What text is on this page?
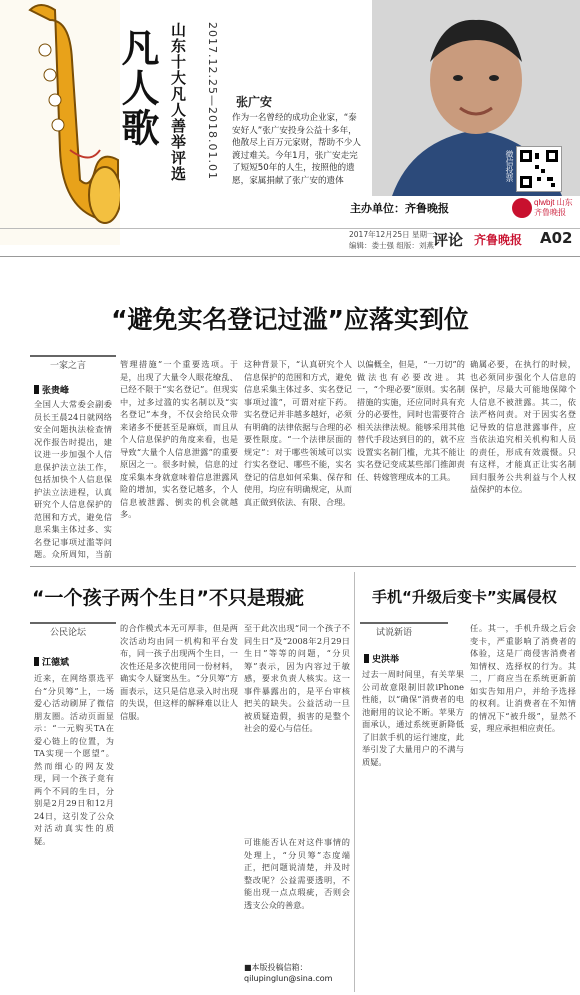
凡人歌 山东十大凡人善举评选 2017.12.25—2018.01.01 张广安
作为一名曾经的成功企业家，“泰安好人”张广安投身公益十多年，他散尽上百万元家财，帮助不少人渡过难关。今年1月，张广安走完了短短50年的人生，按照他的遗愿，家属捐献了张广安的遗体	微信投票
主办单位：齐鲁晚报	qlwbjt 山东齐鲁晚报
2017年12月25日 星期一
编辑：娄士强 组版：刘燕 评论 齐鲁晚报 A02
“避免实名登记过滥”应落实到位
一家之言
张贵峰
全国人大常委会副委员长王晨24日就网络安全问题执法检查情况作报告时提出，建议进一步加强个人信息保护法立法工作，包括加快个人信息保护法立法进程，认真研究个人信息保护的范围和方式，避免信息采集主体过多、实名登记事项过滥等问题。众所周知，当前
管理措施”一个重要选项。于是，出现了大量令人眼花缭乱、已经不限于“实名登记”。但现实中，过多过滥的实名制以及“实名登记”本身，不仅会给民众带来诸多不便甚至是麻烦，而且从个人信息保护的角度来看，也是导致“大量个人信息泄露”的重要原因之一。很多时候，信息的过度采集本身就意味着信息泄露风险的增加，实名登记越多，个人信息被泄露、倒卖的机会就越多。
这种背景下，“认真研究个人信息保护的范围和方式，避免信息采集主体过多、实名登记事项过滥”，可谓对症下药。实名登记并非越多越好，必须有明确的法律依据与合理的必要性限度。“一个法律层面的规定”：对于哪些领域可以实行实名登记、哪些不能，实名登记的信息如何采集、保存和使用，均应有明确规定，从而真正做到依法、有限、合理。
以偏概全，但是，“一刀切”的做法也有必要改进。其一，“个理必要”原则。实名制措施的实施，还应同时具有充分的必要性，同时也需要符合相关法律法规。能够采用其他替代手段达到目的的，就不应设置实名制门槛，尤其不能让实名登记变成某些部门推卸责任、转嫁管理成本的工具。
确属必要，在执行的时候，也必须同步强化个人信息的保护，尽最大可能地保障个人信息不被泄露。其二，依法严格问责。对于因实名登记导致的信息泄露事件，应当依法追究相关机构和人员的责任，形成有效震慑。只有这样，才能真正让实名制回归服务公共利益与个人权益保护的本位。
“一个孩子两个生日”不只是瑕疵
公民论坛
江德斌
近来，在网络票选平台“分贝筹”上，一场爱心活动刷屏了微信朋友圈。活动页面显示：“一元购买TA在爱心链上的位置，为TA实现一个愿望”。然而细心的网友发现，同一个孩子竟有两个不同的生日，分别是2月29日和12月24日，这引发了公众对活动真实性的质疑。
的合作模式本无可厚非，但是两次活动均由同一机构和平台发布，同一孩子出现两个生日，一次性还是多次使用同一份材料，确实令人疑窦丛生。“分贝筹”方面表示，这只是信息录入时出现的失误，但这样的解释难以让人信服。
至于此次出现“同一个孩子不同生日”及“2008年2月29日生日”等等的问题，“分贝筹”表示，因为内容过于敏感，要求负责人核实。这一事件暴露出的，是平台审核把关的缺失。公益活动一旦被质疑造假，损害的是整个社会的爱心与信任。
可谁能否认在对这件事情的处理上，“分贝筹”态度端正，把问题说清楚，并及时整改呢？公益需要透明，不能出现一点点瑕疵，否则会透支公众的善意。
■本版投稿信箱：
qilupinglun@sina.com
手机“升级后变卡”实属侵权
试说新语
史洪举
过去一周时间里，有关苹果公司故意限制旧款iPhone性能，以“确保”消费者的电池耐用的议论不断。苹果方面承认，通过系统更新降低了旧款手机的运行速度，此举引发了大量用户的不满与质疑。
任。其一，手机升级之后会变卡，严重影响了消费者的体验，这是厂商侵害消费者知情权、选择权的行为。其二，厂商应当在系统更新前如实告知用户，并给予选择的权利。让消费者在不知情的情况下“被升级”，显然不妥，理应承担相应责任。
